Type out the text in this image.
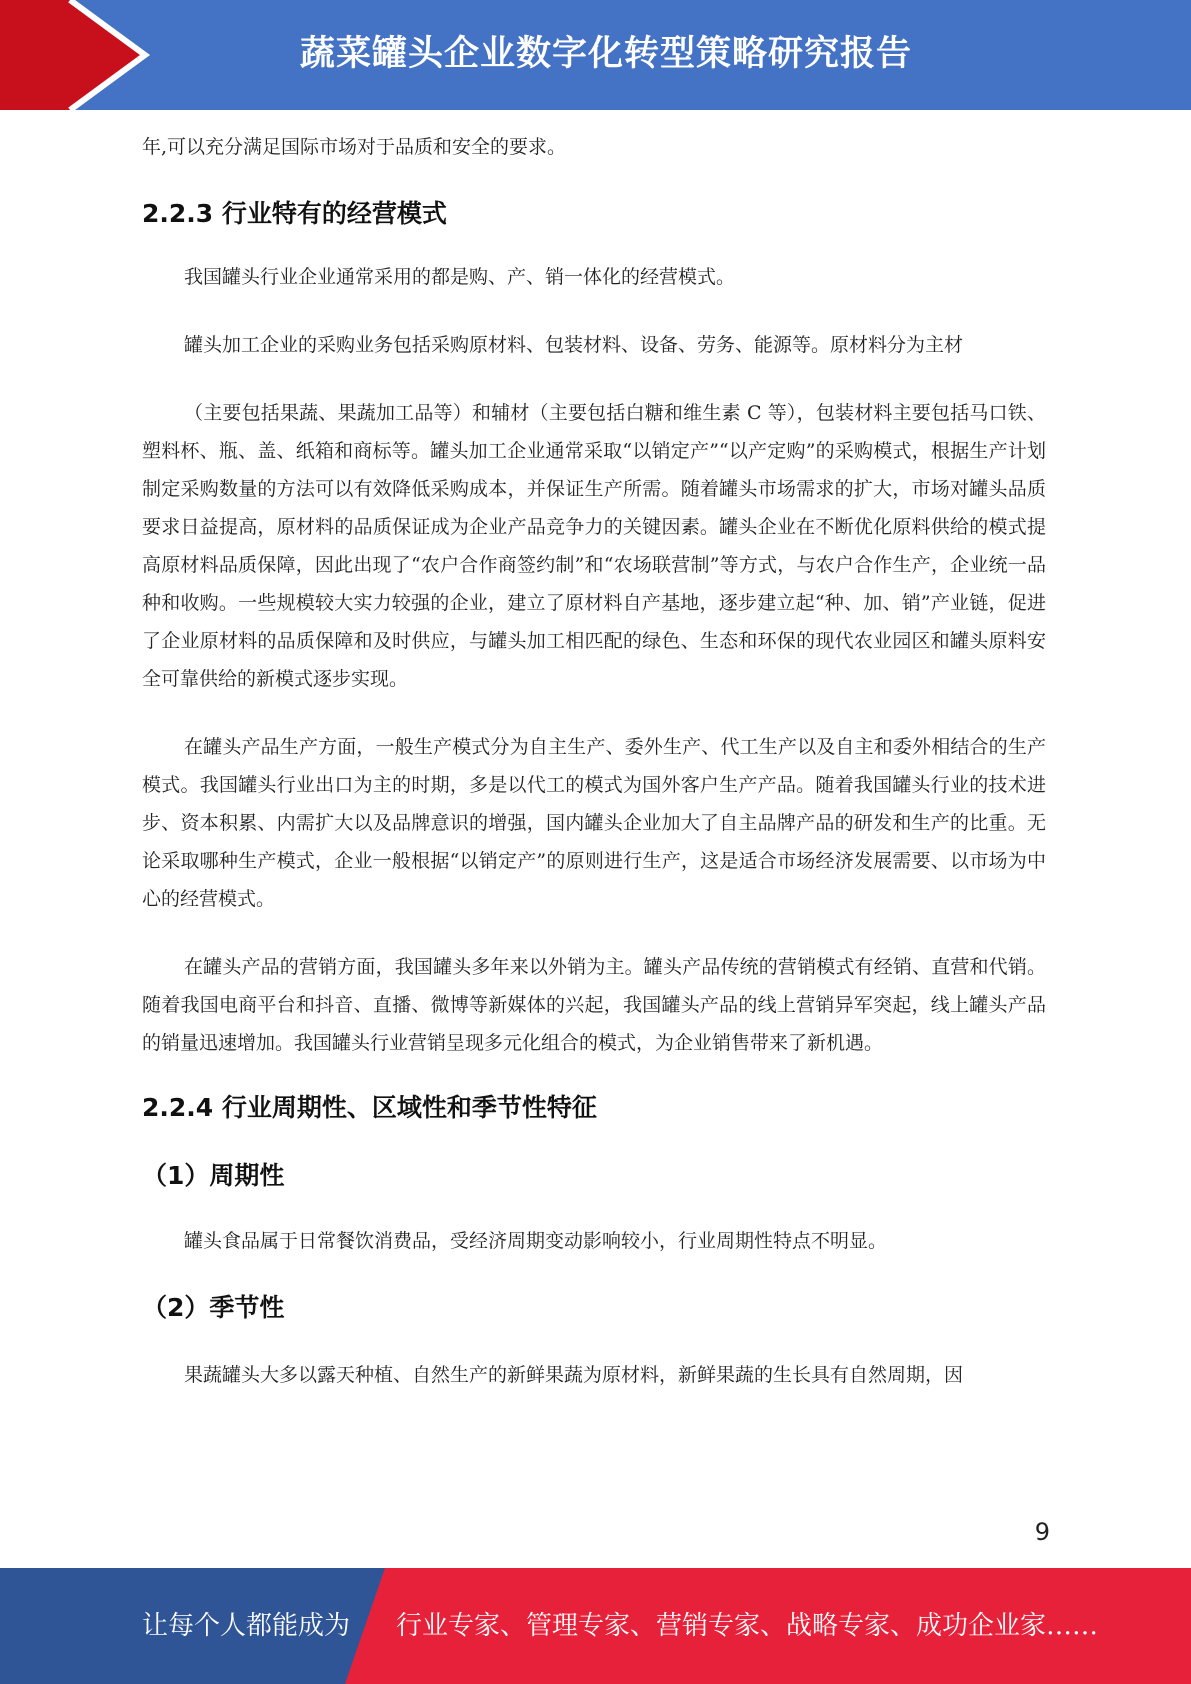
蔬菜罐头企业数字化转型策略研究报告

年,可以充分满足国际市场对于品质和安全的要求。

2.2.3 行业特有的经营模式

我国罐头行业企业通常采用的都是购、产、销一体化的经营模式。

罐头加工企业的采购业务包括采购原材料、包装材料、设备、劳务、能源等。原材料分为主材

（主要包括果蔬、果蔬加工品等）和辅材（主要包括白糖和维生素 C 等），包装材料主要包括马口铁、塑料杯、瓶、盖、纸箱和商标等。罐头加工企业通常采取“以销定产”“以产定购”的采购模式，根据生产计划制定采购数量的方法可以有效降低采购成本，并保证生产所需。随着罐头市场需求的扩大，市场对罐头品质要求日益提高，原材料的品质保证成为企业产品竞争力的关键因素。罐头企业在不断优化原料供给的模式提高原材料品质保障，因此出现了“农户合作商签约制”和“农场联营制”等方式，与农户合作生产，企业统一品种和收购。一些规模较大实力较强的企业，建立了原材料自产基地，逐步建立起“种、加、销”产业链，促进了企业原材料的品质保障和及时供应，与罐头加工相匹配的绿色、生态和环保的现代农业园区和罐头原料安全可靠供给的新模式逐步实现。

在罐头产品生产方面，一般生产模式分为自主生产、委外生产、代工生产以及自主和委外相结合的生产模式。我国罐头行业出口为主的时期，多是以代工的模式为国外客户生产产品。随着我国罐头行业的技术进步、资本积累、内需扩大以及品牌意识的增强，国内罐头企业加大了自主品牌产品的研发和生产的比重。无论采取哪种生产模式，企业一般根据“以销定产”的原则进行生产，这是适合市场经济发展需要、以市场为中心的经营模式。

在罐头产品的营销方面，我国罐头多年来以外销为主。罐头产品传统的营销模式有经销、直营和代销。随着我国电商平台和抖音、直播、微博等新媒体的兴起，我国罐头产品的线上营销异军突起，线上罐头产品的销量迅速增加。我国罐头行业营销呈现多元化组合的模式，为企业销售带来了新机遇。

2.2.4 行业周期性、区域性和季节性特征
（1）周期性

罐头食品属于日常餐饮消费品，受经济周期变动影响较小，行业周期性特点不明显。

（2）季节性

果蔬罐头大多以露天种植、自然生产的新鲜果蔬为原材料，新鲜果蔬的生长具有自然周期，因

9
让每个人都能成为 行业专家、管理专家、营销专家、战略专家、成功企业家……
